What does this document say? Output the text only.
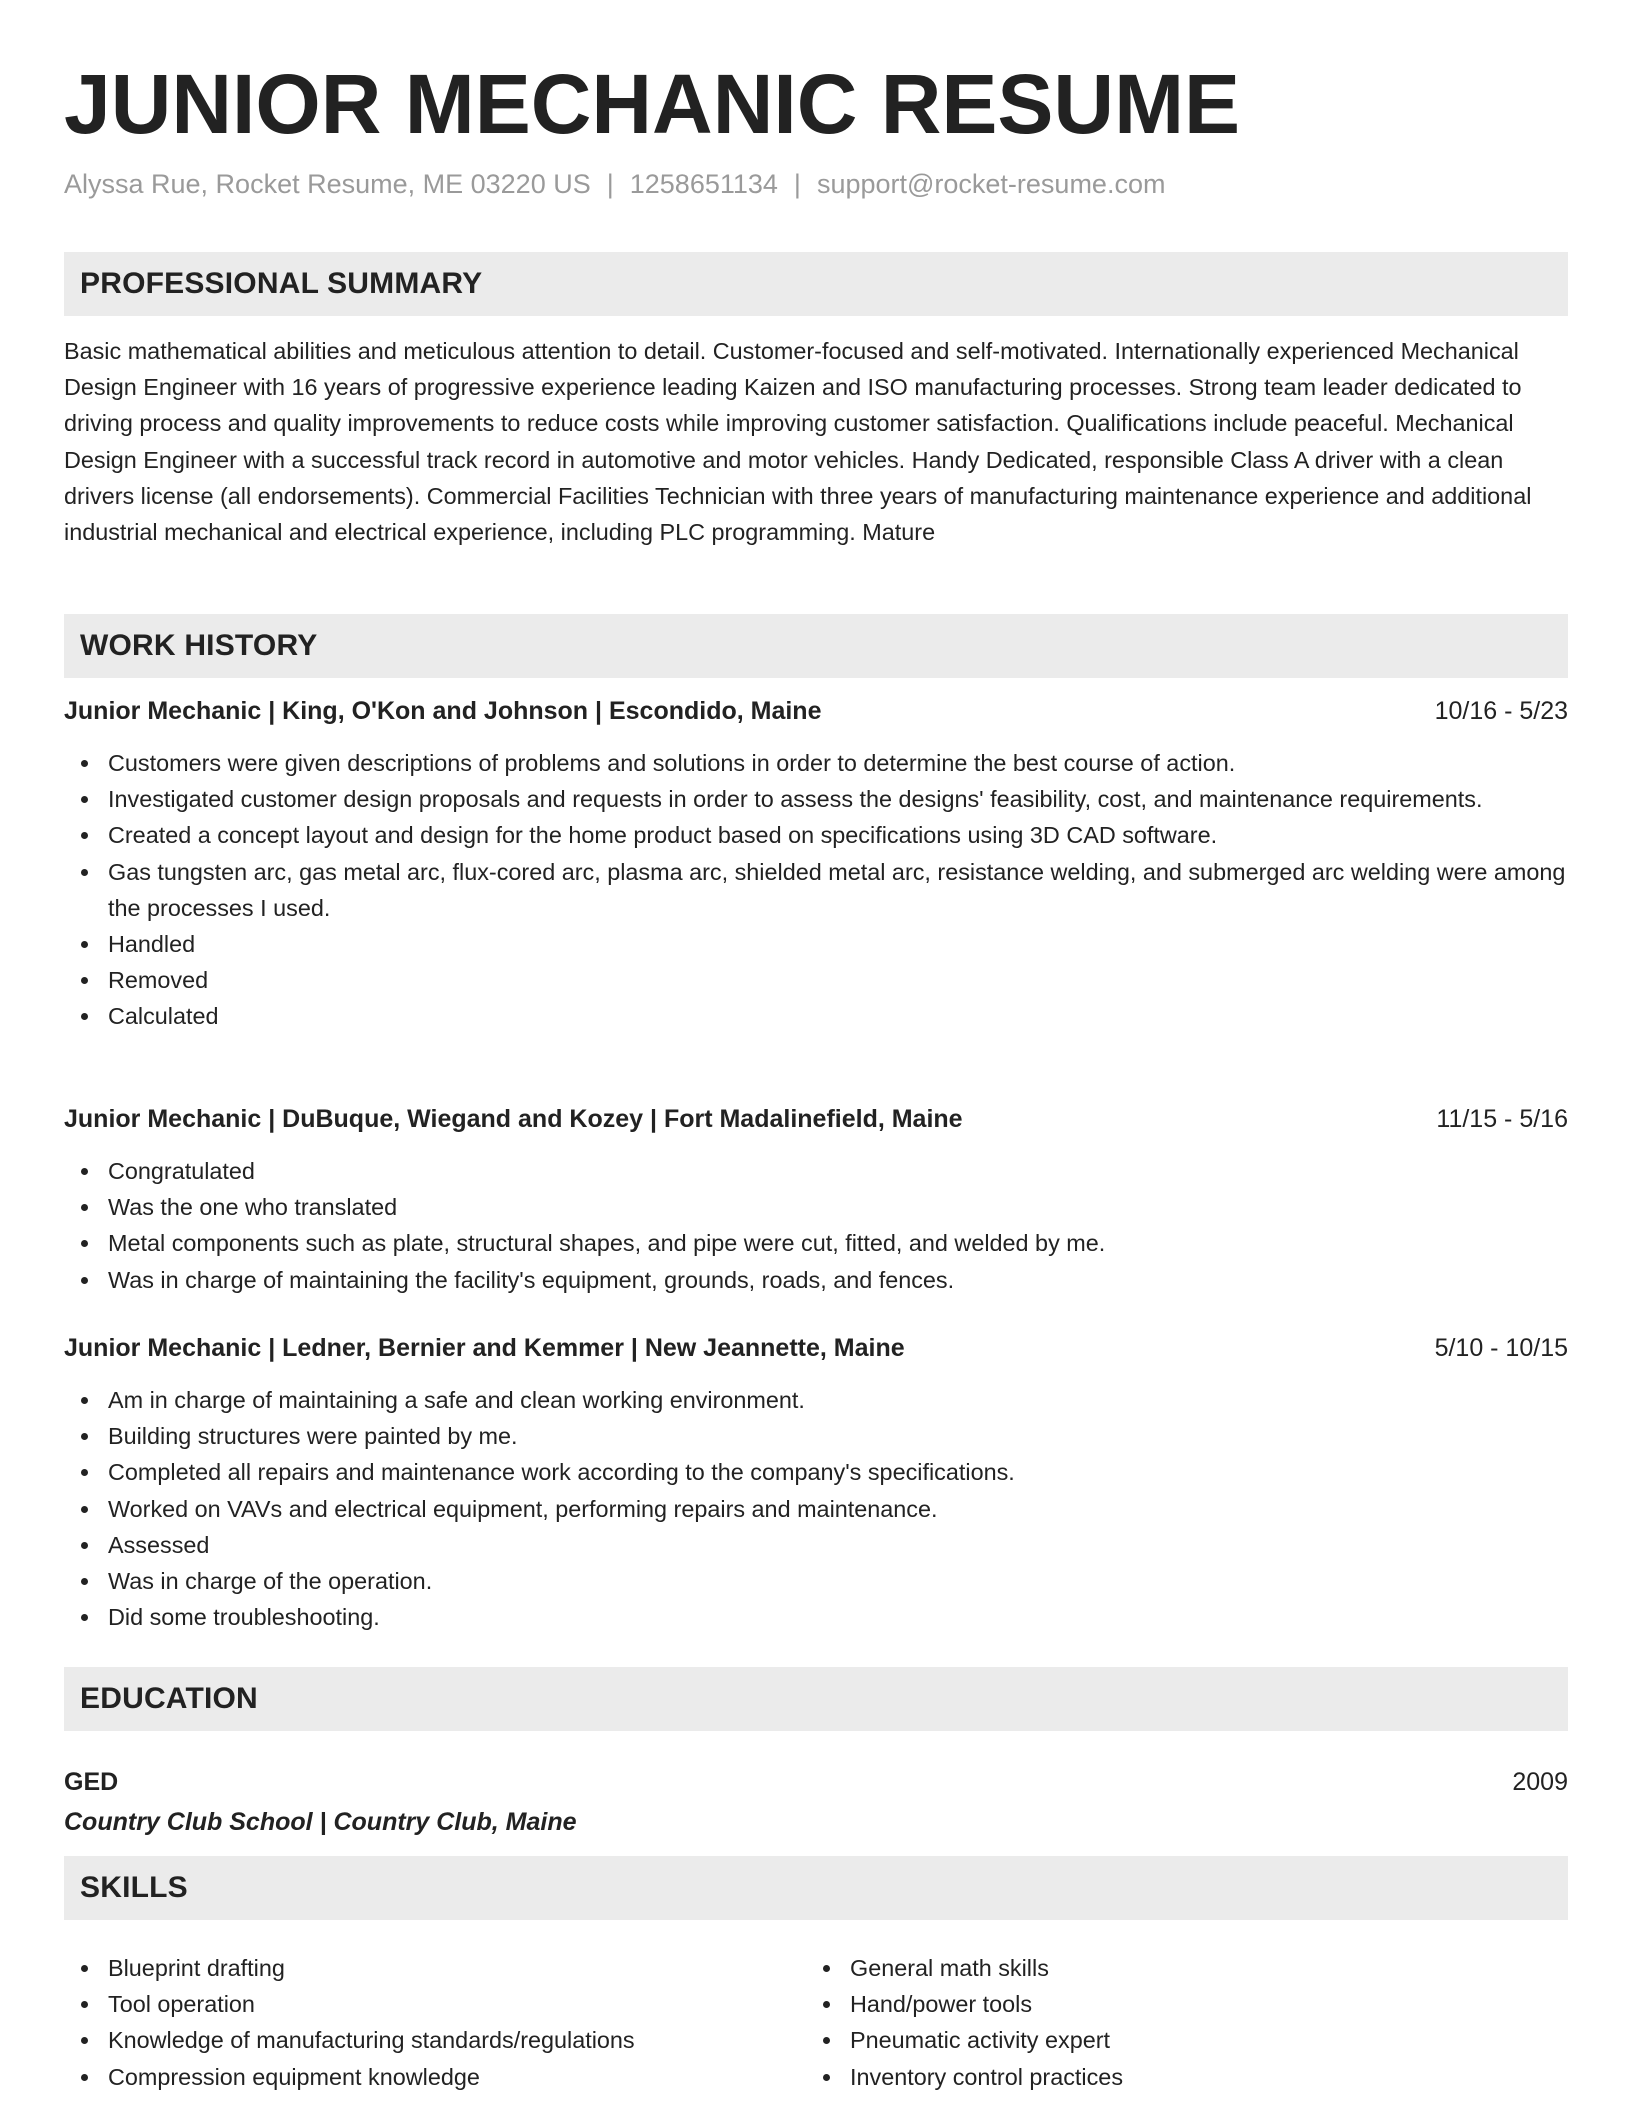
JUNIOR MECHANIC RESUME
Alyssa Rue, Rocket Resume, ME 03220 US | 1258651134 | support@rocket-resume.com
PROFESSIONAL SUMMARY

Basic mathematical abilities and meticulous attention to detail. Customer-focused and self-motivated. Internationally experienced Mechanical Design Engineer with 16 years of progressive experience leading Kaizen and ISO manufacturing processes. Strong team leader dedicated to driving process and quality improvements to reduce costs while improving customer satisfaction. Qualifications include peaceful. Mechanical Design Engineer with a successful track record in automotive and motor vehicles. Handy Dedicated, responsible Class A driver with a clean drivers license (all endorsements). Commercial Facilities Technician with three years of manufacturing maintenance experience and additional industrial mechanical and electrical experience, including PLC programming. Mature

WORK HISTORY
Junior Mechanic | King, O'Kon and Johnson | Escondido, Maine	10/16 - 5/23
Customers were given descriptions of problems and solutions in order to determine the best course of action.
Investigated customer design proposals and requests in order to assess the designs' feasibility, cost, and maintenance requirements.
Created a concept layout and design for the home product based on specifications using 3D CAD software.
Gas tungsten arc, gas metal arc, flux-cored arc, plasma arc, shielded metal arc, resistance welding, and submerged arc welding were among the processes I used.
Handled
Removed
Calculated
Junior Mechanic | DuBuque, Wiegand and Kozey | Fort Madalinefield, Maine	11/15 - 5/16
Congratulated
Was the one who translated
Metal components such as plate, structural shapes, and pipe were cut, fitted, and welded by me.
Was in charge of maintaining the facility's equipment, grounds, roads, and fences.
Junior Mechanic | Ledner, Bernier and Kemmer | New Jeannette, Maine	5/10 - 10/15
Am in charge of maintaining a safe and clean working environment.
Building structures were painted by me.
Completed all repairs and maintenance work according to the company's specifications.
Worked on VAVs and electrical equipment, performing repairs and maintenance.
Assessed
Was in charge of the operation.
Did some troubleshooting.
EDUCATION
GED	2009
Country Club School | Country Club, Maine
SKILLS
Blueprint drafting
Tool operation
Knowledge of manufacturing standards/regulations
Compression equipment knowledge
General math skills
Hand/power tools
Pneumatic activity expert
Inventory control practices
